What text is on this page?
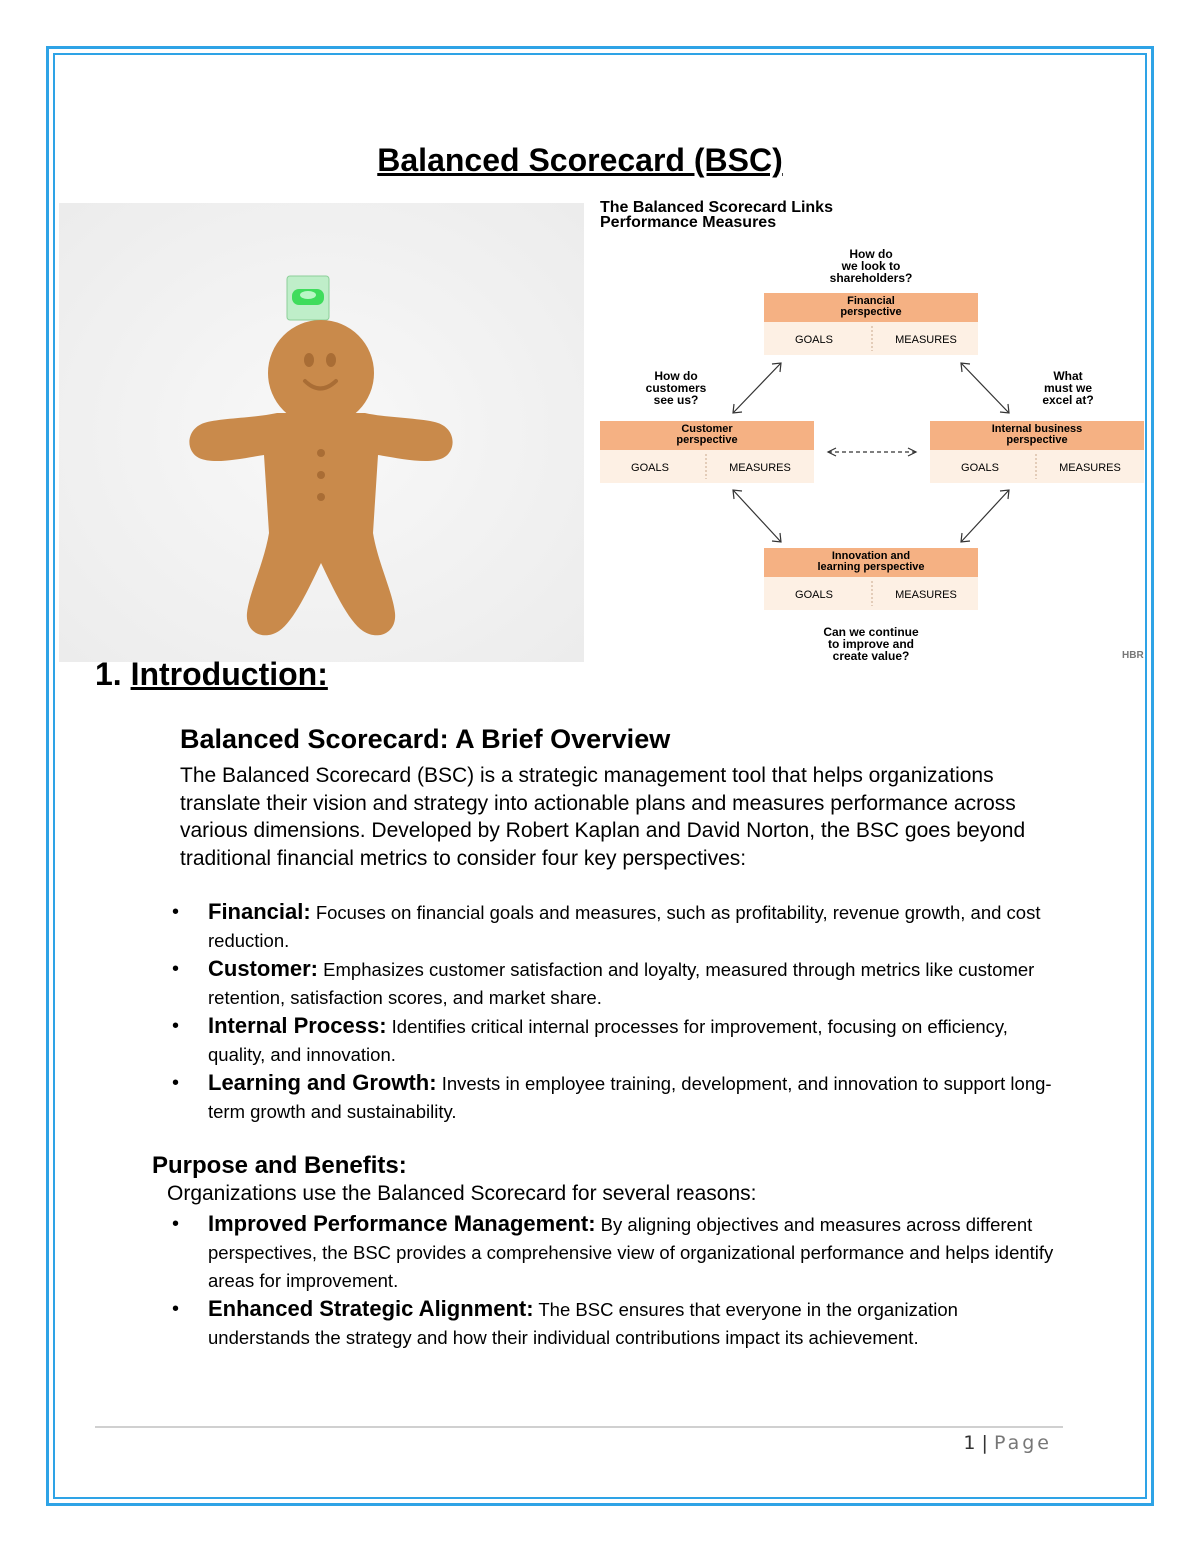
Balanced Scorecard (BSC)
The Balanced Scorecard Links
Performance Measures
How do
we look to
shareholders?
Financial
perspective
GOALS	MEASURES
How do
customers
see us?
What
must we
excel at?
Customer
perspective
GOALS	MEASURES
Internal business
perspective
GOALS	MEASURES
Innovation and
learning perspective
GOALS	MEASURES
Can we continue
to improve and
create value?	HBR
1. Introduction:
Balanced Scorecard: A Brief Overview
The Balanced Scorecard (BSC) is a strategic management tool that helps organizations translate their vision and strategy into actionable plans and measures performance across various dimensions. Developed by Robert Kaplan and David Norton, the BSC goes beyond traditional financial metrics to consider four key perspectives:
• Financial: Focuses on financial goals and measures, such as profitability, revenue growth, and cost reduction.
• Customer: Emphasizes customer satisfaction and loyalty, measured through metrics like customer retention, satisfaction scores, and market share.
• Internal Process: Identifies critical internal processes for improvement, focusing on efficiency, quality, and innovation.
• Learning and Growth: Invests in employee training, development, and innovation to support long-term growth and sustainability.
Purpose and Benefits:
Organizations use the Balanced Scorecard for several reasons:
• Improved Performance Management: By aligning objectives and measures across different perspectives, the BSC provides a comprehensive view of organizational performance and helps identify areas for improvement.
• Enhanced Strategic Alignment: The BSC ensures that everyone in the organization understands the strategy and how their individual contributions impact its achievement.
1 | Page
